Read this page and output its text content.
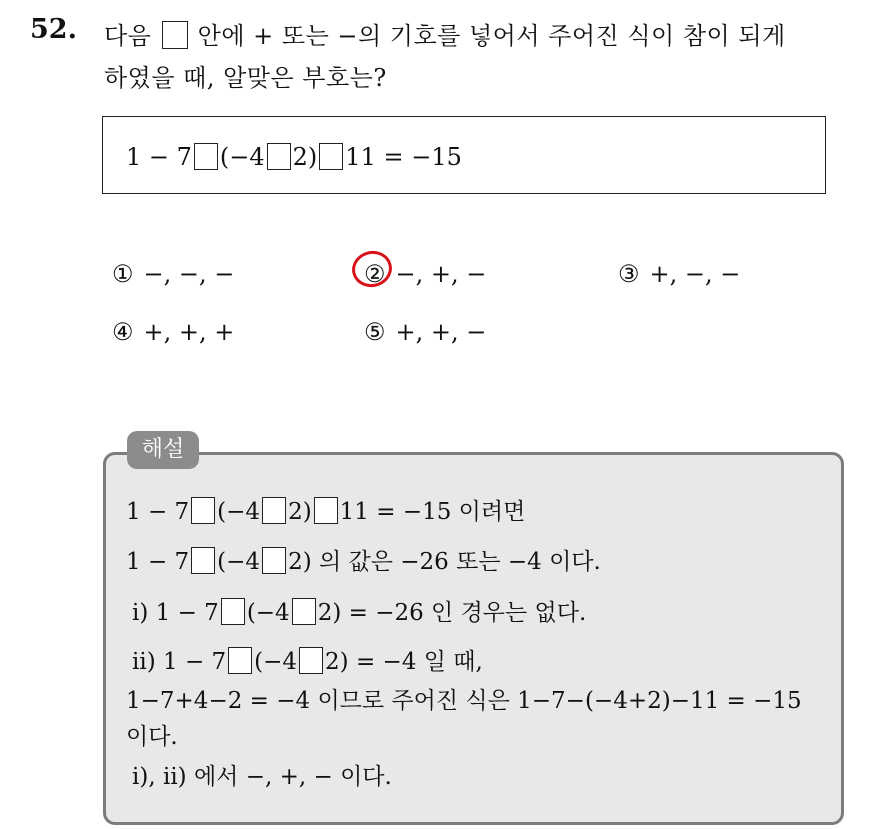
52. 다음 안에 + 또는 −의 기호를 넣어서 주어진 식이 참이 되게
하였을 때, 알맞은 부호는?
1 − 7 (−4 2) 11 = −15
① −, −, −	② −, +, −	③ +, −, −
④ +, +, +	⑤ +, +, −
해설
1 − 7 (−4 2) 11 = −15 이려면
1 − 7 (−4 2) 의 값은 −26 또는 −4 이다.
ⅰ) 1 − 7 (−4 2) = −26 인 경우는 없다.
ⅱ) 1 − 7 (−4 2) = −4 일 때,
1−7+4−2 = −4 이므로 주어진 식은 1−7−(−4+2)−11 = −15
이다.
ⅰ), ⅱ) 에서 −, +, − 이다.
